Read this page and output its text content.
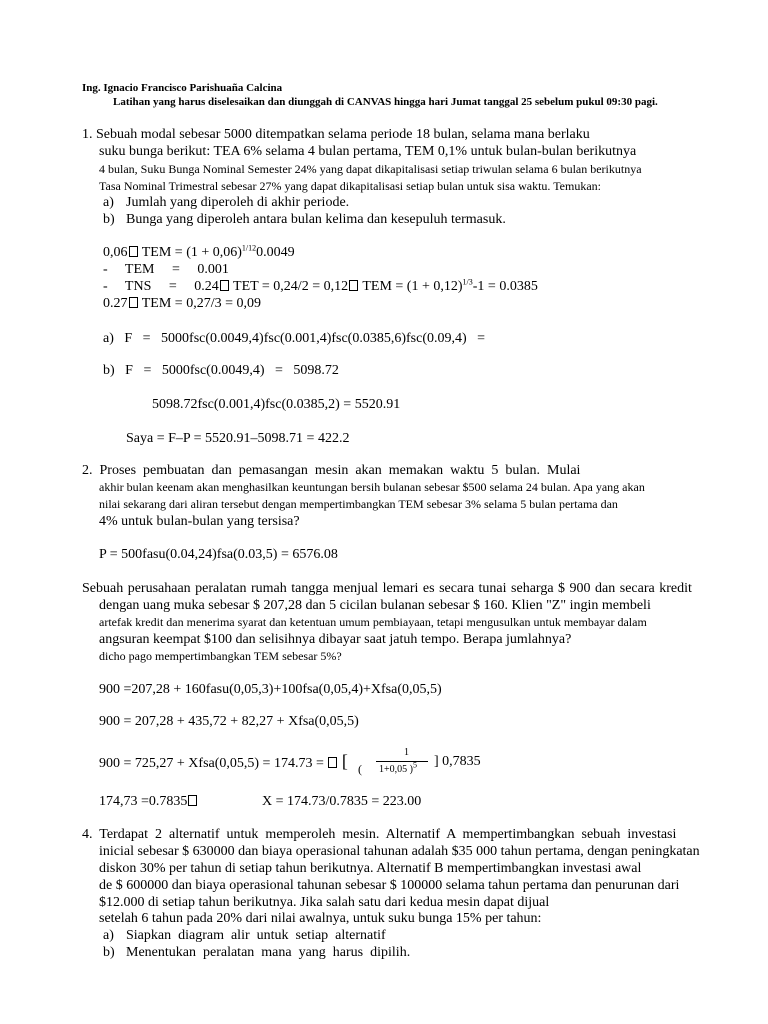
Ing. Ignacio Francisco Parishuaña Calcina
Latihan yang harus diselesaikan dan diunggah di CANVAS hingga hari Jumat tanggal 25 sebelum pukul 09:30 pagi.
1. Sebuah modal sebesar 5000 ditempatkan selama periode 18 bulan, selama mana berlaku
suku bunga berikut: TEA 6% selama 4 bulan pertama, TEM 0,1% untuk bulan-bulan berikutnya
4 bulan, Suku Bunga Nominal Semester 24% yang dapat dikapitalisasi setiap triwulan selama 6 bulan berikutnya
Tasa Nominal Trimestral sebesar 27% yang dapat dikapitalisasi setiap bulan untuk sisa waktu. Temukan:
a) Jumlah yang diperoleh di akhir periode.
b) Bunga yang diperoleh antara bulan kelima dan kesepuluh termasuk.
0,06 TEM = $(1 + 0,06)^{1/12}0.0049$
-     TEM     =     0.001
-     TNS     =     0.24 TET = 0,24/2 = 0,12 TEM = $(1 + 0,12)^{1/3}-1 = 0.0385$
0.27 TEM = 0,27/3 = 0,09
a)   F   =   5000fsc(0.0049,4)fsc(0.001,4)fsc(0.0385,6)fsc(0.09,4)   =
b)   F   =   5000fsc(0.0049,4)   =   5098.72
5098.72fsc(0.001,4)fsc(0.0385,2) = 5520.91
Saya = F–P = 5520.91–5098.71 = 422.2
2.  Proses  pembuatan  dan  pemasangan  mesin  akan  memakan  waktu  5  bulan.  Mulai
akhir bulan keenam akan menghasilkan keuntungan bersih bulanan sebesar $500 selama 24 bulan. Apa yang akan
nilai sekarang dari aliran tersebut dengan mempertimbangkan TEM sebesar 3% selama 5 bulan pertama dan
4% untuk bulan-bulan yang tersisa?
P = 500fasu(0.04,24)fsa(0.03,5) = 6576.08
Sebuah perusahaan peralatan rumah tangga menjual lemari es secara tunai seharga $ 900 dan secara kredit
dengan uang muka sebesar $ 207,28 dan 5 cicilan bulanan sebesar $ 160. Klien "Z" ingin membeli
artefak kredit dan menerima syarat dan ketentuan umum pembiayaan, tetapi mengusulkan untuk membayar dalam
angsuran keempat $100 dan selisihnya dibayar saat jatuh tempo. Berapa jumlahnya?
dicho pago mempertimbangkan TEM sebesar 5%?
900 =207,28 + 160fasu(0,05,3)+100fsa(0,05,4)+Xfsa(0,05,5)
900 = 207,28 + 435,72 + 82,27 + Xfsa(0,05,5)
900 = 725,27 + Xfsa(0,05,5) = 174.73 = [ (
1
1+0,05 )$^5$ ] 0,7835
174,73 =0.7835	X = 174.73/0.7835 = 223.00
4.  Terdapat  2  alternatif  untuk  memperoleh  mesin.  Alternatif  A  mempertimbangkan  sebuah  investasi
inicial sebesar $ 630000 dan biaya operasional tahunan adalah $35 000 tahun pertama, dengan peningkatan
diskon 30% per tahun di setiap tahun berikutnya. Alternatif B mempertimbangkan investasi awal
de $ 600000 dan biaya operasional tahunan sebesar $ 100000 selama tahun pertama dan penurunan dari
$12.000 di setiap tahun berikutnya. Jika salah satu dari kedua mesin dapat dijual
setelah 6 tahun pada 20% dari nilai awalnya, untuk suku bunga 15% per tahun:
a) Siapkan  diagram  alir  untuk  setiap  alternatif
b) Menentukan  peralatan  mana  yang  harus  dipilih.
